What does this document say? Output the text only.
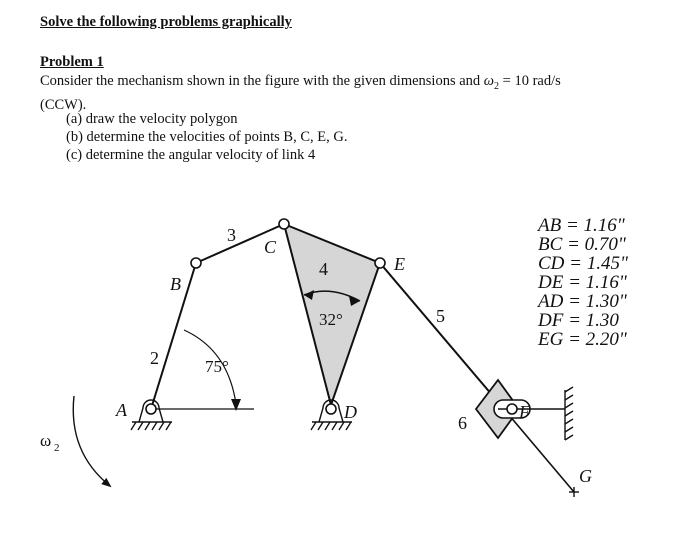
Solve the following problems graphically
Problem 1
Consider the mechanism shown in the figure with the given dimensions and $\omega_2 = 10$ rad/s
(CCW).
(a) draw the velocity polygon
(b) determine the velocities of points B, C, E, G.
(c) determine the angular velocity of link 4
A
B
C
D
E
F
G
2
3
4
5
6
75°
32°
ω 2
AB = 1.16"
BC = 0.70"
CD = 1.45"
DE = 1.16"
AD = 1.30"
DF = 1.30
EG = 2.20"
